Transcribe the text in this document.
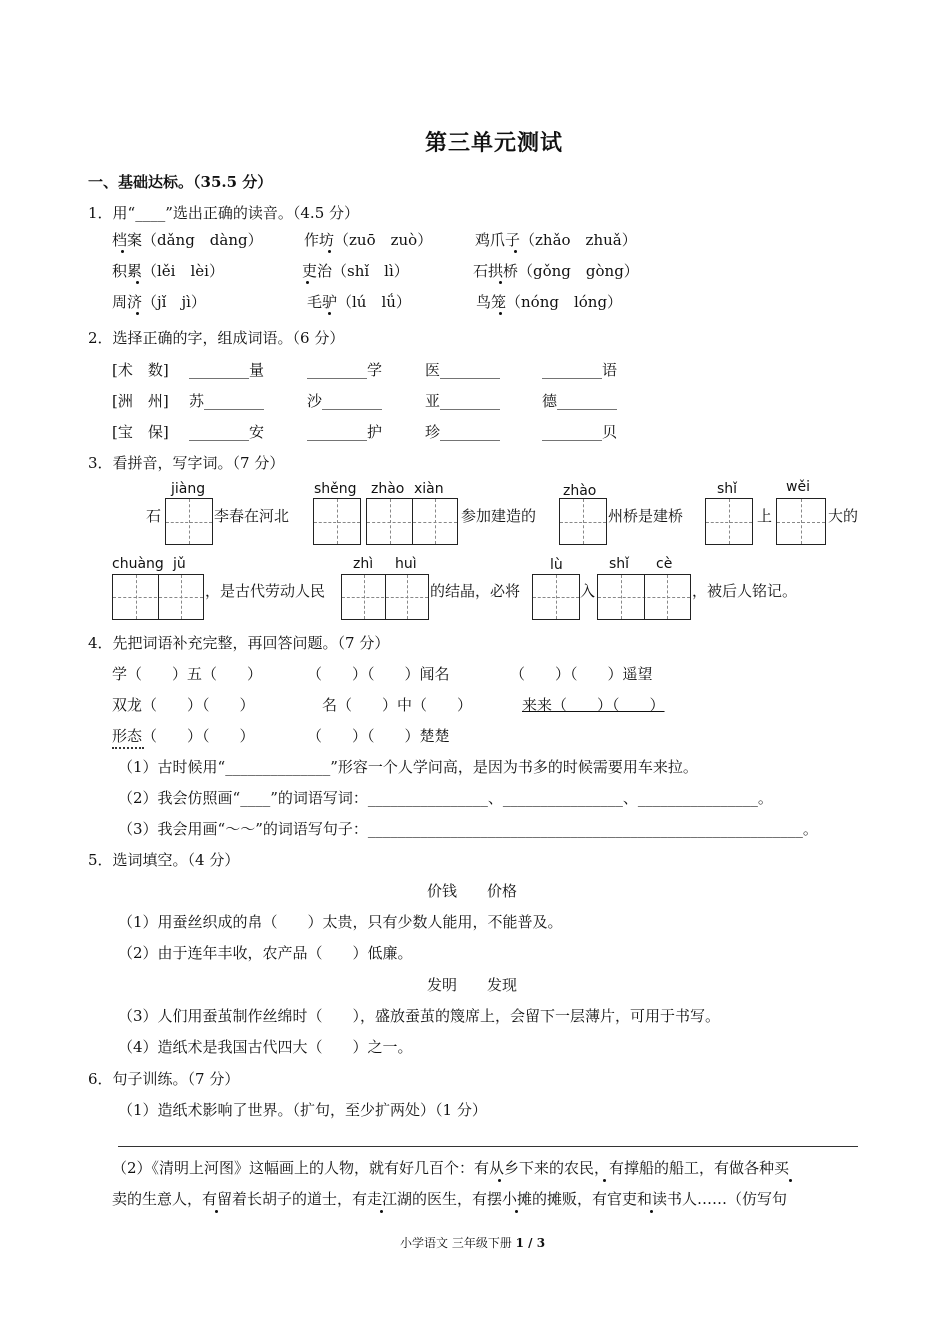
第三单元测试
一、基础达标。（35.5 分）
1．用“____”选出正确的读音。（4.5 分）
档案（dǎng　dàng）	作坊（zuō　zuò）	鸡爪子（zhǎo　zhuǎ）
积累（lěi　lèi）	吏治（shǐ　lì）	石拱桥（gǒng　gòng）
周济（jǐ　jì）	毛驴（lú　lǘ）	鸟笼（nóng　lóng）
2．选择正确的字，组成词语。（6 分）
[术　数] ________量	________学	医________	________语
[洲　州] 苏________	沙________	亚________	德________
[宝　保] ________安	________护	珍________	________贝
3．看拼音，写字词。（7 分）
jiàng	shěng zhào xiàn	zhào	shǐ	wěi
石	李春在河北	参加建造的	州桥是建桥	上	大的
chuàng jǔ	zhì huì	lù	shǐ cè
，是古代劳动人民	的结晶，必将	入	，被后人铭记。
4．先把词语补充完整，再回答问题。（7 分）
学（　　）五（　　）	（　　）（　　）闻名	（　　）（　　）遥望
双龙（　　）（　　）	名（　　）中（　　）	来来（　　）（　　）
形态（　　）（　　）	（　　）（　　）楚楚
（1）古时候用“______________”形容一个人学问高，是因为书多的时候需要用车来拉。
（2）我会仿照画“____”的词语写词：________________、________________、________________。
（3）我会用画“～～”的词语写句子：__________________________________________________________。
5．选词填空。（4 分）
价钱　　价格
（1）用蚕丝织成的帛（　　）太贵，只有少数人能用，不能普及。
（2）由于连年丰收，农产品（　　）低廉。
发明　　发现
（3）人们用蚕茧制作丝绵时（　　），盛放蚕茧的篾席上，会留下一层薄片，可用于书写。
（4）造纸术是我国古代四大（　　）之一。
6．句子训练。（7 分）
（1）造纸术影响了世界。（扩句，至少扩两处）（1 分）
（2）《清明上河图》这幅画上的人物，就有好几百个：有从乡下来的农民，有撑船的船工，有做各种买
卖的生意人，有留着长胡子的道士，有走江湖的医生，有摆小摊的摊贩，有官吏和读书人……（仿写句
小学语文 三年级下册 1 / 3
